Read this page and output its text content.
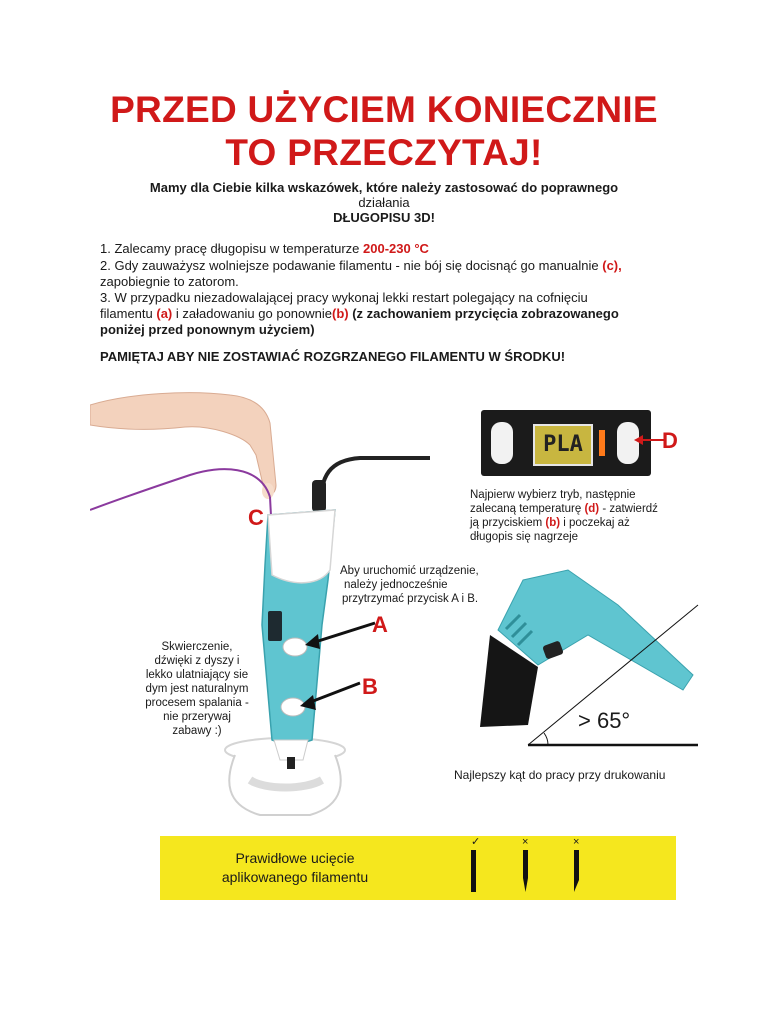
PRZED UŻYCIEM KONIECZNIE
TO PRZECZYTAJ!
Mamy dla Ciebie kilka wskazówek, które należy zastosować do poprawnego
działania
DŁUGOPISU 3D!
1. Zalecamy pracę długopisu w temperaturze 200-230 °C
2. Gdy zauważysz wolniejsze podawanie filamentu - nie bój się docisnąć go manualnie (c),
zapobiegnie to zatorom.
3. W przypadku niezadowalającej pracy wykonaj lekki restart polegający na cofnięciu
filamentu (a) i załadowaniu go ponownie(b) (z zachowaniem przycięcia zobrazowanego
poniżej przed ponownym użyciem)
PAMIĘTAJ ABY NIE ZOSTAWIAĆ ROZGRZANEGO FILAMENTU W ŚRODKU!
C
A
B
Aby uruchomić urządzenie,
należy jednocześnie
przytrzymać przycisk A i B.
Skwierczenie,
dźwięki z dyszy i
lekko ulatniający sie
dym jest naturalnym
procesem spalania -
nie przerywaj
zabawy :)
PLA	D
Najpierw wybierz tryb, następnie
zalecaną temperaturę (d) - zatwierdź
ją przyciskiem (b) i poczekaj aż
długopis się nagrzeje
> 65°
Najlepszy kąt do pracy przy drukowaniu
Prawidłowe ucięcie
aplikowanego filamentu
✓	×	×
